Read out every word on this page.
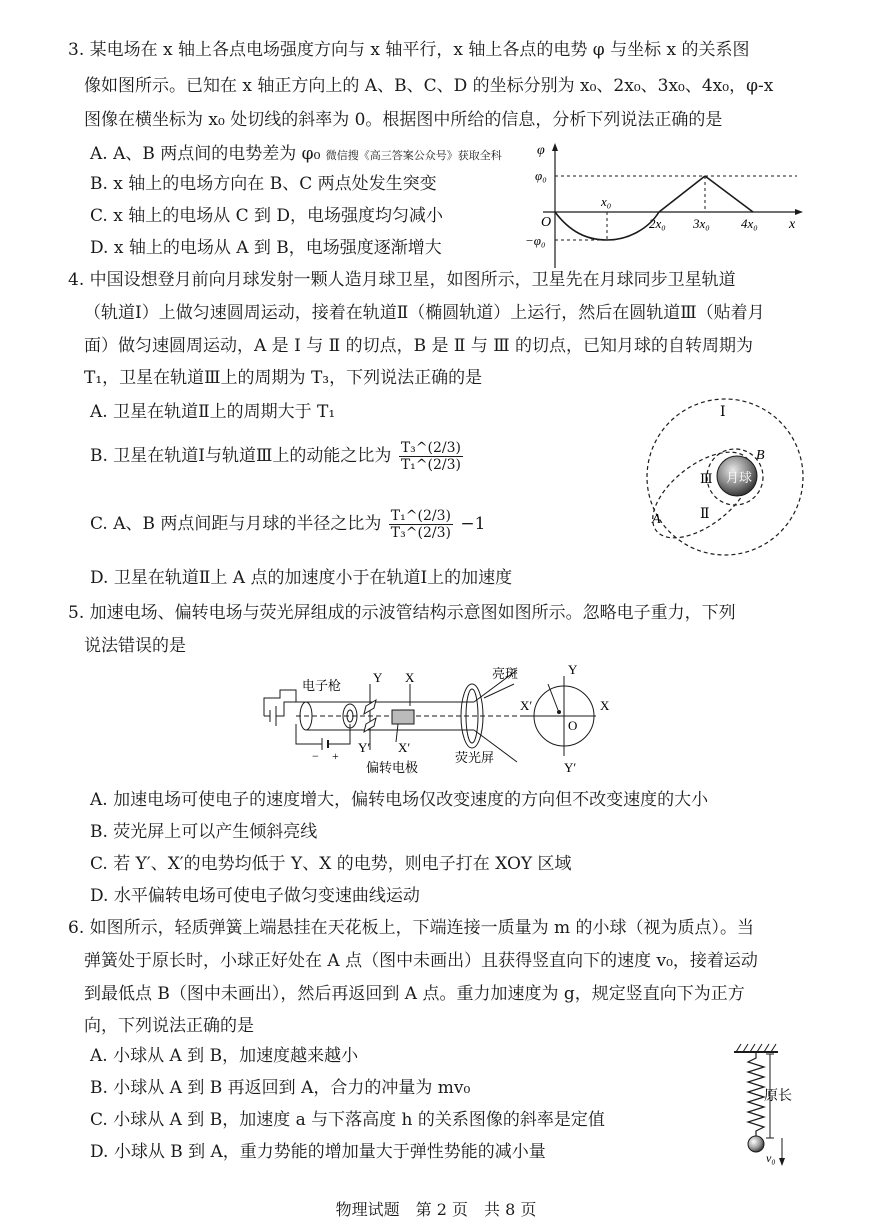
3. 某电场在 x 轴上各点电场强度方向与 x 轴平行，x 轴上各点的电势 φ 与坐标 x 的关系图
像如图所示。已知在 x 轴正方向上的 A、B、C、D 的坐标分别为 x₀、2x₀、3x₀、4x₀，φ-x
图像在横坐标为 x₀ 处切线的斜率为 0。根据图中所给的信息，分析下列说法正确的是
A. A、B 两点间的电势差为 φ₀ 微信搜《高三答案公众号》获取全科
B. x 轴上的电场方向在 B、C 两点处发生突变
C. x 轴上的电场从 C 到 D，电场强度均匀减小
D. x 轴上的电场从 A 到 B，电场强度逐渐增大
φ
x
O
φ₀
−φ₀
x₀
2x₀ 3x₀ 4x₀
4. 中国设想登月前向月球发射一颗人造月球卫星，如图所示，卫星先在月球同步卫星轨道
（轨道Ⅰ）上做匀速圆周运动，接着在轨道Ⅱ（椭圆轨道）上运行，然后在圆轨道Ⅲ（贴着月
面）做匀速圆周运动，A 是 Ⅰ 与 Ⅱ 的切点，B 是 Ⅱ 与 Ⅲ 的切点，已知月球的自转周期为
T₁，卫星在轨道Ⅲ上的周期为 T₃，下列说法正确的是
A. 卫星在轨道Ⅱ上的周期大于 T₁
B. 卫星在轨道Ⅰ与轨道Ⅲ上的动能之比为 $\frac{\text{T₃\textasciicircum{}(2/3)}}{\text{T₁\textasciicircum{}(2/3)}}$
C. A、B 两点间距与月球的半径之比为 $\frac{\text{T₁\textasciicircum{}(2/3)}}{\text{T₃\textasciicircum{}(2/3)}} -1$
D. 卫星在轨道Ⅱ上 A 点的加速度小于在轨道Ⅰ上的加速度
月球
Ⅲ
Ⅰ
Ⅱ
A
B
5. 加速电场、偏转电场与荧光屏组成的示波管结构示意图如图所示。忽略电子重力，下列
说法错误的是
− +
Y
Y′
X
X′
亮斑
X′	X
Y
Y′
O
电子枪
偏转电极
荧光屏
A. 加速电场可使电子的速度增大，偏转电场仅改变速度的方向但不改变速度的大小
B. 荧光屏上可以产生倾斜亮线
C. 若 Y′、X′的电势均低于 Y、X 的电势，则电子打在 XOY 区域
D. 水平偏转电场可使电子做匀变速曲线运动
6. 如图所示，轻质弹簧上端悬挂在天花板上，下端连接一质量为 m 的小球（视为质点）。当
弹簧处于原长时，小球正好处在 A 点（图中未画出）且获得竖直向下的速度 v₀，接着运动
到最低点 B（图中未画出），然后再返回到 A 点。重力加速度为 g，规定竖直向下为正方
向，下列说法正确的是
A. 小球从 A 到 B，加速度越来越小
B. 小球从 A 到 B 再返回到 A，合力的冲量为 mv₀
C. 小球从 A 到 B，加速度 a 与下落高度 h 的关系图像的斜率是定值
D. 小球从 B 到 A，重力势能的增加量大于弹性势能的减小量
原长
v₀
物理试题　第 2 页　共 8 页
